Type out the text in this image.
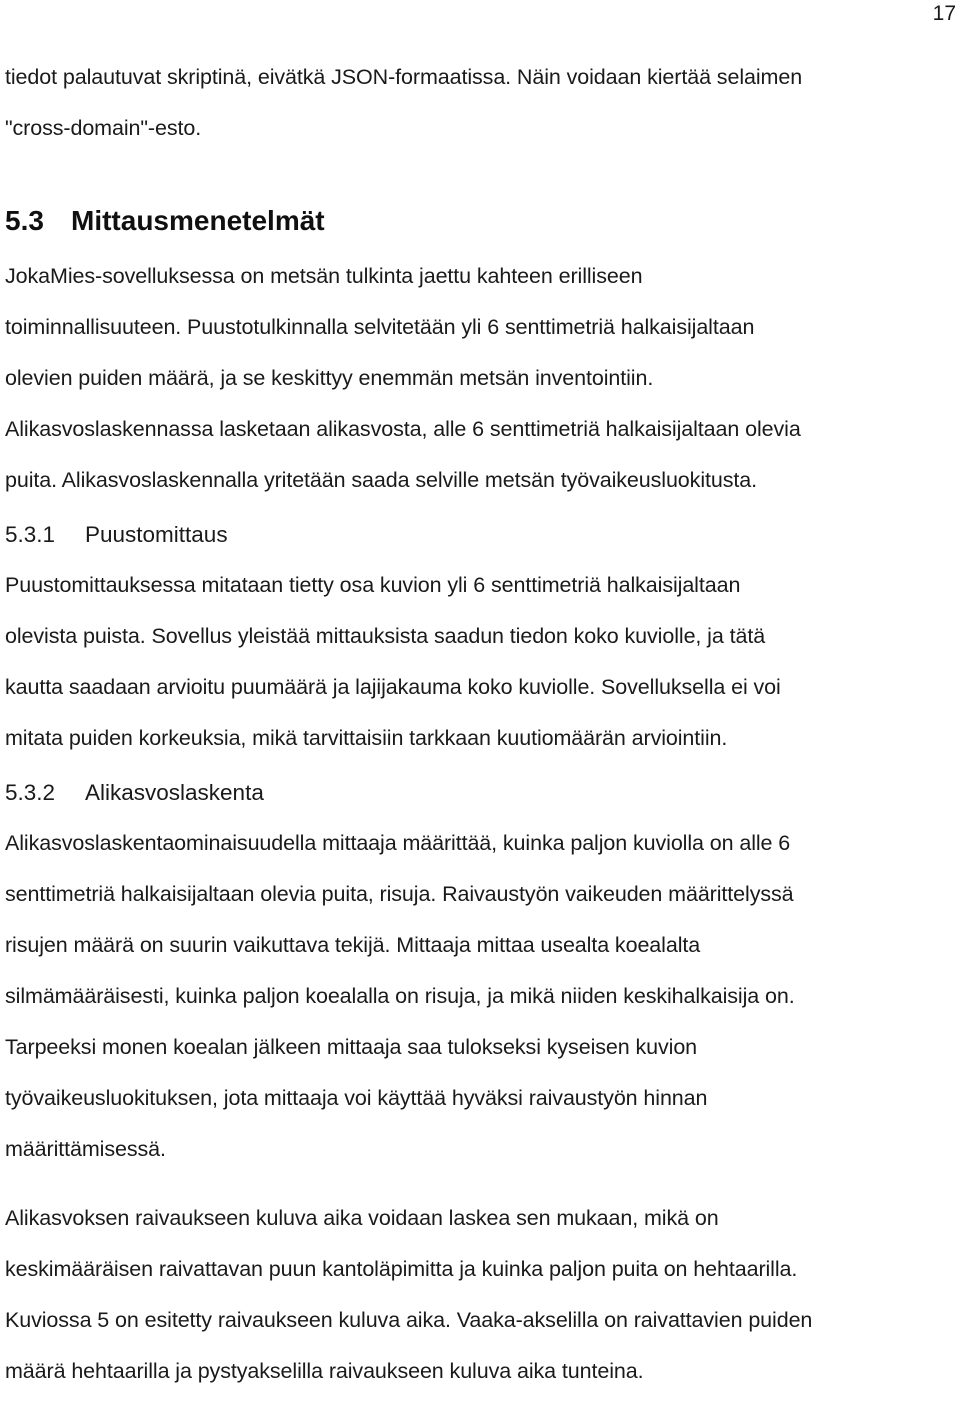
17

tiedot palautuvat skriptinä, eivätkä JSON-formaatissa. Näin voidaan kiertää selaimen

"cross-domain"-esto.

5.3 Mittausmenetelmät

JokaMies-sovelluksessa on metsän tulkinta jaettu kahteen erilliseen

toiminnallisuuteen. Puustotulkinnalla selvitetään yli 6 senttimetriä halkaisijaltaan

olevien puiden määrä, ja se keskittyy enemmän metsän inventointiin.

Alikasvoslaskennassa lasketaan alikasvosta, alle 6 senttimetriä halkaisijaltaan olevia

puita. Alikasvoslaskennalla yritetään saada selville metsän työvaikeusluokitusta.

5.3.1 Puustomittaus

Puustomittauksessa mitataan tietty osa kuvion yli 6 senttimetriä halkaisijaltaan

olevista puista. Sovellus yleistää mittauksista saadun tiedon koko kuviolle, ja tätä

kautta saadaan arvioitu puumäärä ja lajijakauma koko kuviolle. Sovelluksella ei voi

mitata puiden korkeuksia, mikä tarvittaisiin tarkkaan kuutiomäärän arviointiin.

5.3.2 Alikasvoslaskenta

Alikasvoslaskentaominaisuudella mittaaja määrittää, kuinka paljon kuviolla on alle 6

senttimetriä halkaisijaltaan olevia puita, risuja. Raivaustyön vaikeuden määrittelyssä

risujen määrä on suurin vaikuttava tekijä. Mittaaja mittaa usealta koealalta

silmämääräisesti, kuinka paljon koealalla on risuja, ja mikä niiden keskihalkaisija on.

Tarpeeksi monen koealan jälkeen mittaaja saa tulokseksi kyseisen kuvion

työvaikeusluokituksen, jota mittaaja voi käyttää hyväksi raivaustyön hinnan

määrittämisessä.

Alikasvoksen raivaukseen kuluva aika voidaan laskea sen mukaan, mikä on

keskimääräisen raivattavan puun kantoläpimitta ja kuinka paljon puita on hehtaarilla.

Kuviossa 5 on esitetty raivaukseen kuluva aika. Vaaka-akselilla on raivattavien puiden

määrä hehtaarilla ja pystyakselilla raivaukseen kuluva aika tunteina.
